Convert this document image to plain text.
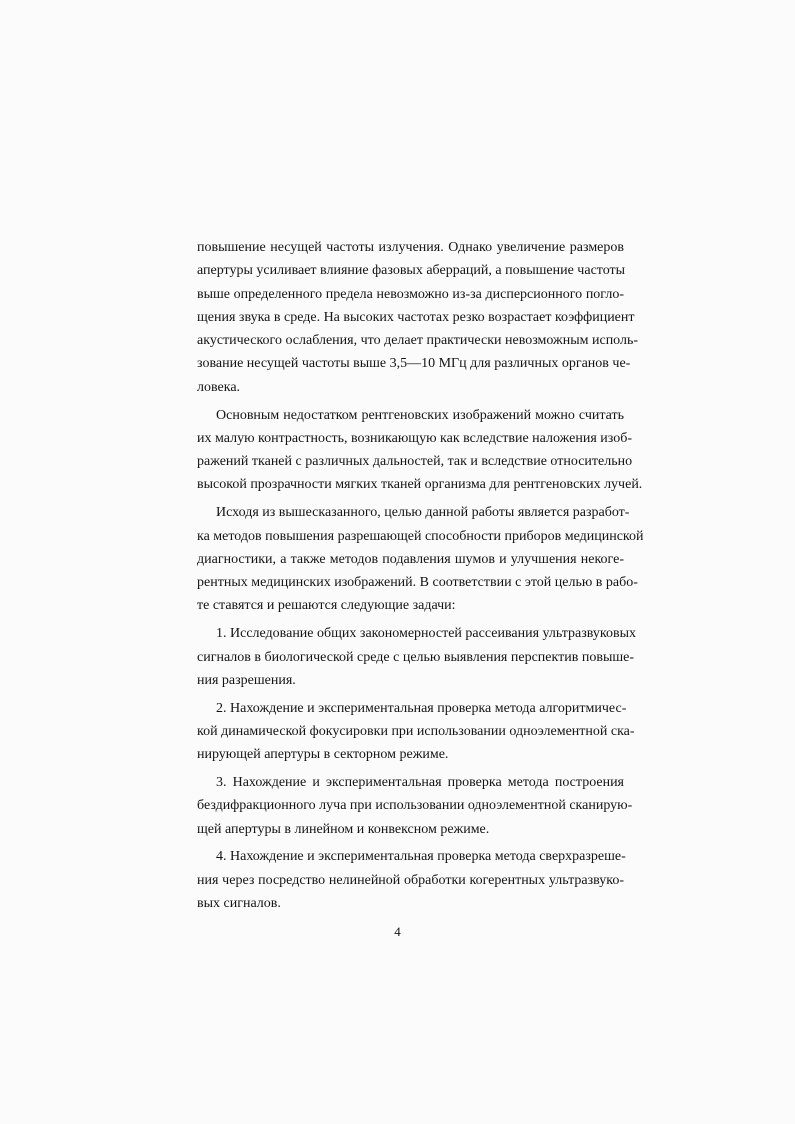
повышение несущей частоты излучения. Однако увеличение размеров
апертуры усиливает влияние фазовых аберраций, а повышение частоты
выше определенного предела невозможно из-за дисперсионного погло-
щения звука в среде. На высоких частотах резко возрастает коэффициент
акустического ослабления, что делает практически невозможным исполь-
зование несущей частоты выше 3,5—10 МГц для различных органов че-
ловека.
Основным недостатком рентгеновских изображений можно считать
их малую контрастность, возникающую как вследствие наложения изоб-
ражений тканей с различных дальностей, так и вследствие относительно
высокой прозрачности мягких тканей организма для рентгеновских лучей.
Исходя из вышесказанного, целью данной работы является разработ-
ка методов повышения разрешающей способности приборов медицинской
диагностики, а также методов подавления шумов и улучшения некоге-
рентных медицинских изображений. В соответствии с этой целью в рабо-
те ставятся и решаются следующие задачи:
1. Исследование общих закономерностей рассеивания ультразвуковых
сигналов в биологической среде с целью выявления перспектив повыше-
ния разрешения.
2. Нахождение и экспериментальная проверка метода алгоритмичес-
кой динамической фокусировки при использовании одноэлементной ска-
нирующей апертуры в секторном режиме.
3. Нахождение и экспериментальная проверка метода построения
бездифракционного луча при использовании одноэлементной сканирую-
щей апертуры в линейном и конвексном режиме.
4. Нахождение и экспериментальная проверка метода сверхразреше-
ния через посредство нелинейной обработки когерентных ультразвуко-
вых сигналов.
4
